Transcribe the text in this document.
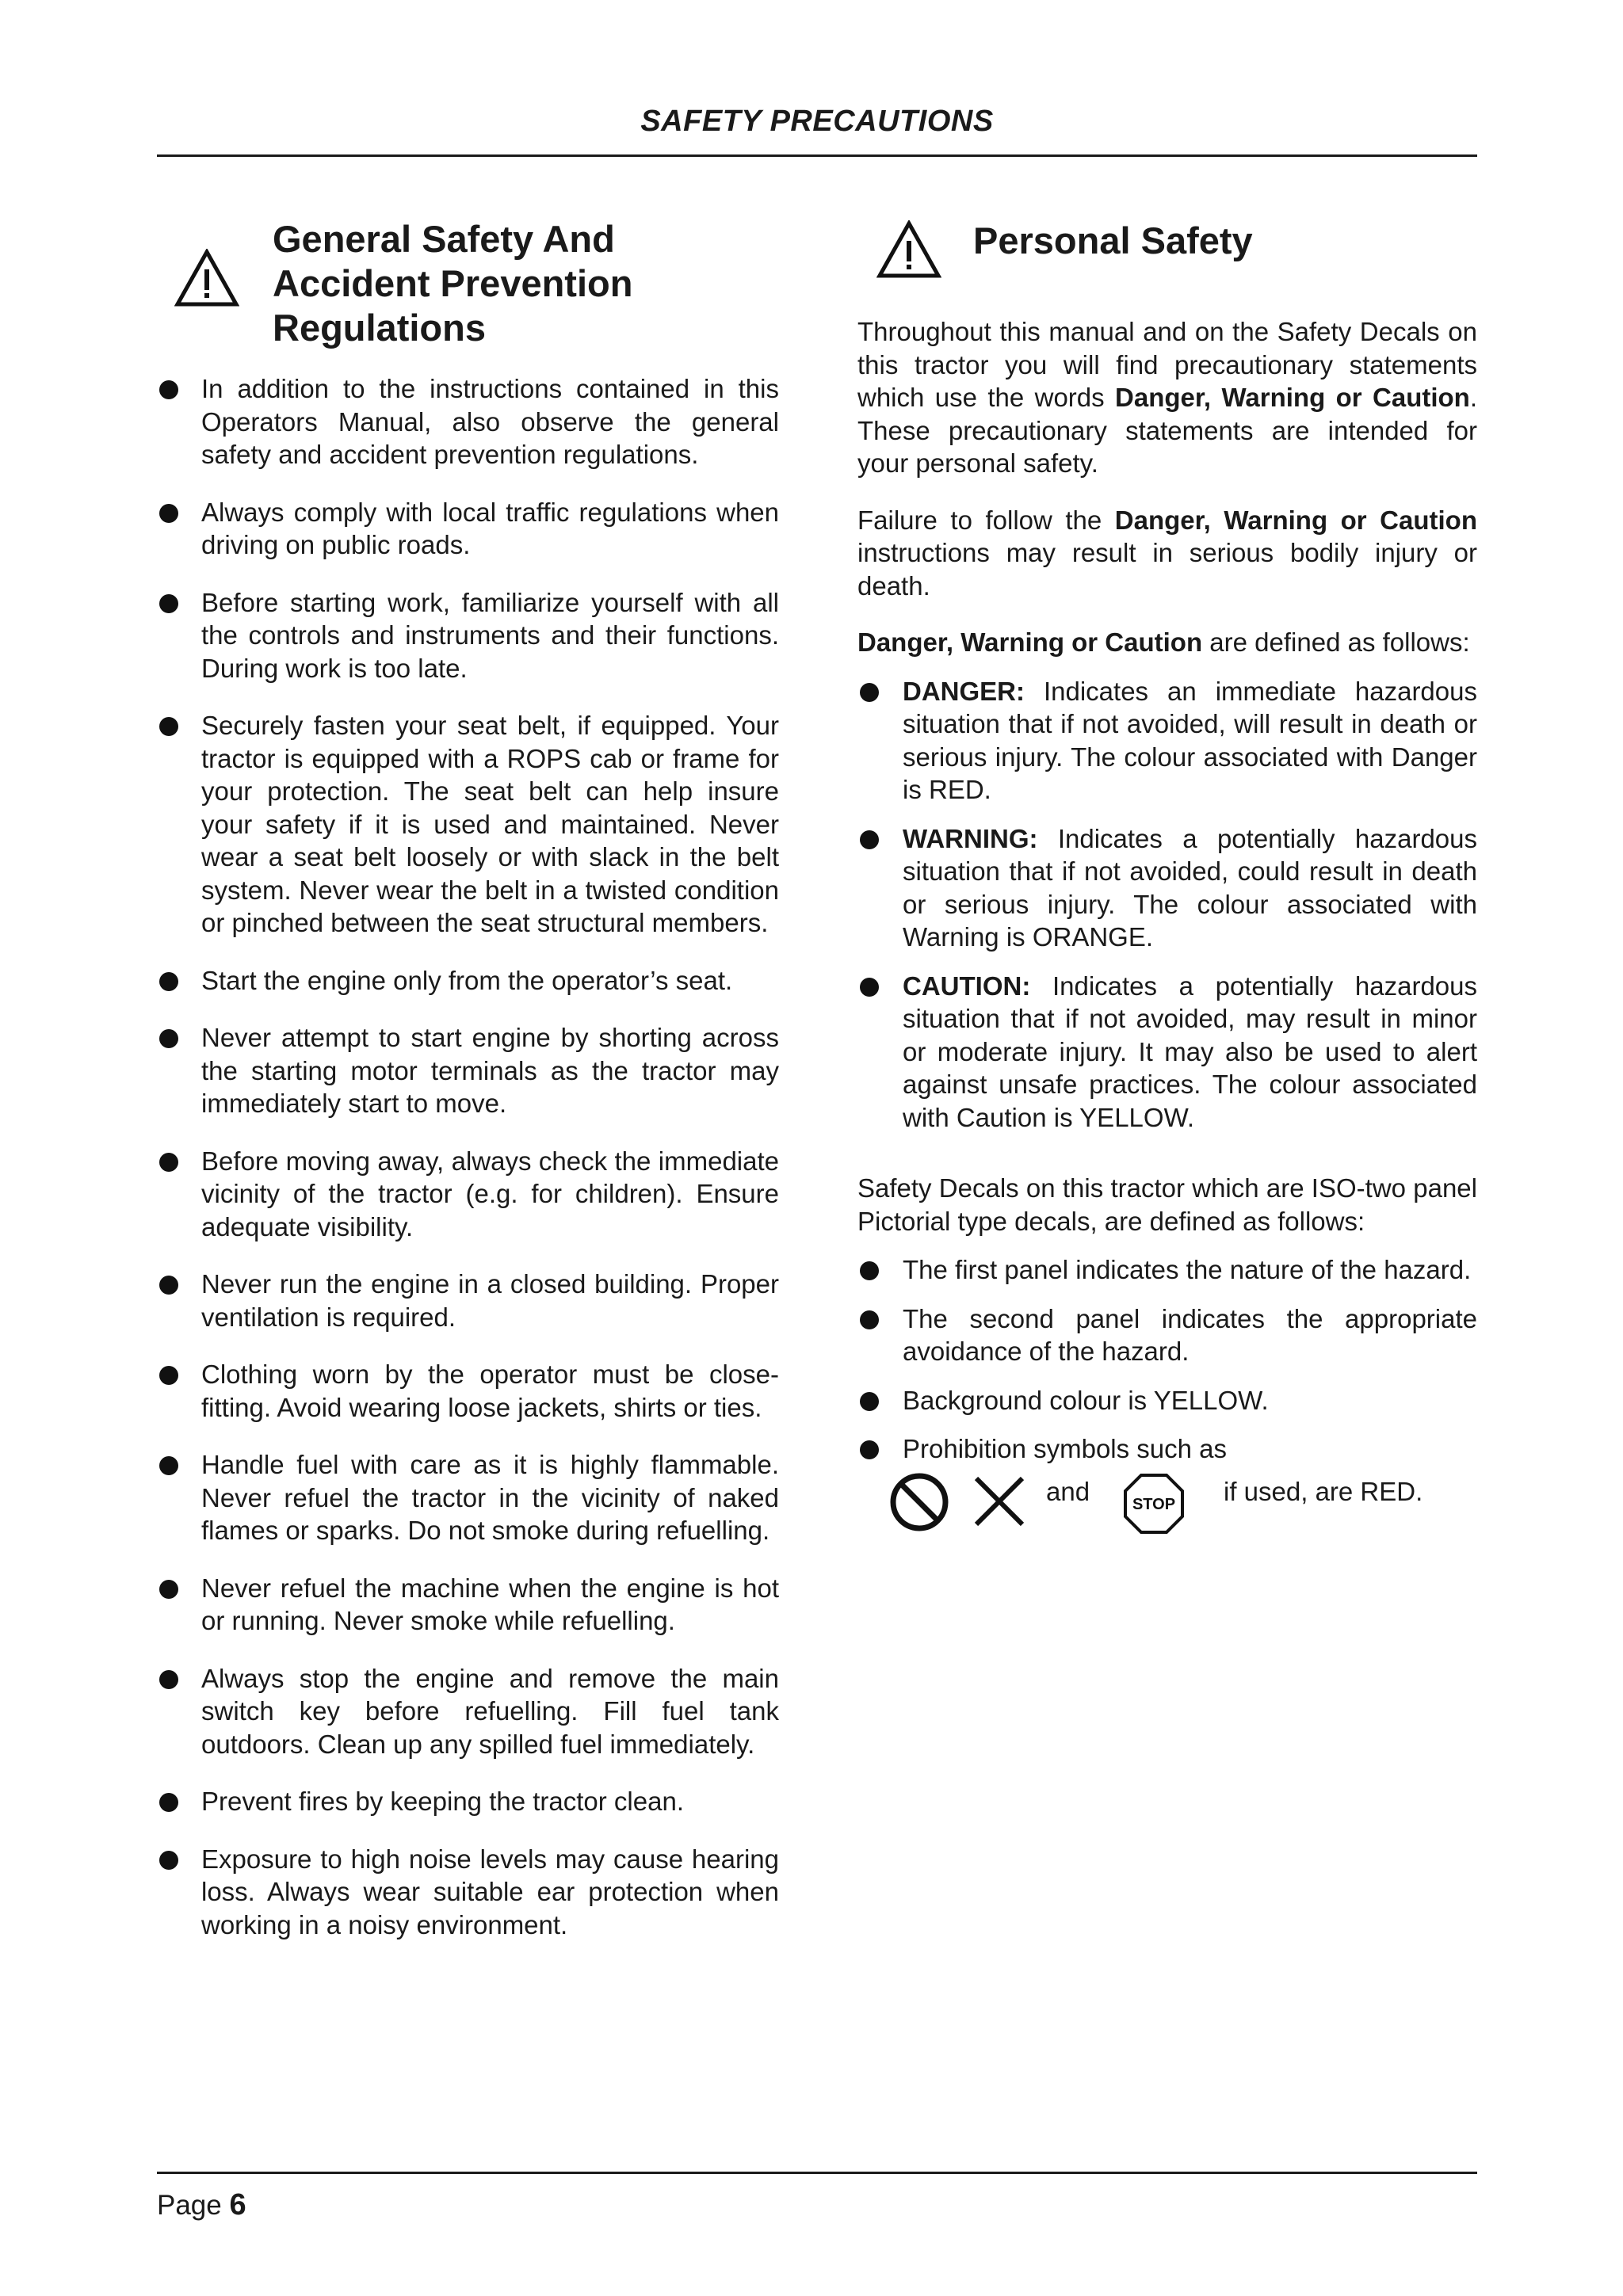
SAFETY PRECAUTIONS
General Safety And Accident Prevention Regulations
In addition to the instructions contained in this Operators Manual, also observe the general safety and accident prevention regulations.
Always comply with local traffic regulations when driving on public roads.
Before starting work, familiarize yourself with all the controls and instruments and their functions. During work is too late.
Securely fasten your seat belt, if equipped. Your tractor is equipped with a ROPS cab or frame for your protection. The seat belt can help insure your safety if it is used and maintained. Never wear a seat belt loosely or with slack in the belt system. Never wear the belt in a twisted condition or pinched between the seat structural members.
Start the engine only from the operator’s seat.
Never attempt to start engine by shorting across the starting motor terminals as the tractor may immediately start to move.
Before moving away, always check the immediate vicinity of the tractor (e.g. for children). Ensure adequate visibility.
Never run the engine in a closed building. Proper ventilation is required.
Clothing worn by the operator must be close-fitting. Avoid wearing loose jackets, shirts or ties.
Handle fuel with care as it is highly flammable. Never refuel the tractor in the vicinity of naked flames or sparks. Do not smoke during refuelling.
Never refuel the machine when the engine is hot or running. Never smoke while refuelling.
Always stop the engine and remove the main switch key before refuelling. Fill fuel tank outdoors. Clean up any spilled fuel immediately.
Prevent fires by keeping the tractor clean.
Exposure to high noise levels may cause hearing loss. Always wear suitable ear protection when working in a noisy environment.
Personal Safety

Throughout this manual and on the Safety Decals on this tractor you will find precautionary statements which use the words Danger, Warning or Caution. These precautionary statements are intended for your personal safety.

Failure to follow the Danger, Warning or Caution instructions may result in serious bodily injury or death.

Danger, Warning or Caution are defined as follows:

DANGER: Indicates an immediate hazardous situation that if not avoided, will result in death or serious injury. The colour associated with Danger is RED.
WARNING: Indicates a potentially hazardous situation that if not avoided, could result in death or serious injury. The colour associated with Warning is ORANGE.
CAUTION: Indicates a potentially hazardous situation that if not avoided, may result in minor or moderate injury. It may also be used to alert against unsafe practices. The colour associated with Caution is YELLOW.

Safety Decals on this tractor which are ISO-two panel Pictorial type decals, are defined as follows:

The first panel indicates the nature of the hazard.
The second panel indicates the appropriate avoidance of the hazard.
Background colour is YELLOW.
Prohibition symbols such as
and	STOP if used, are RED.
Page 6
